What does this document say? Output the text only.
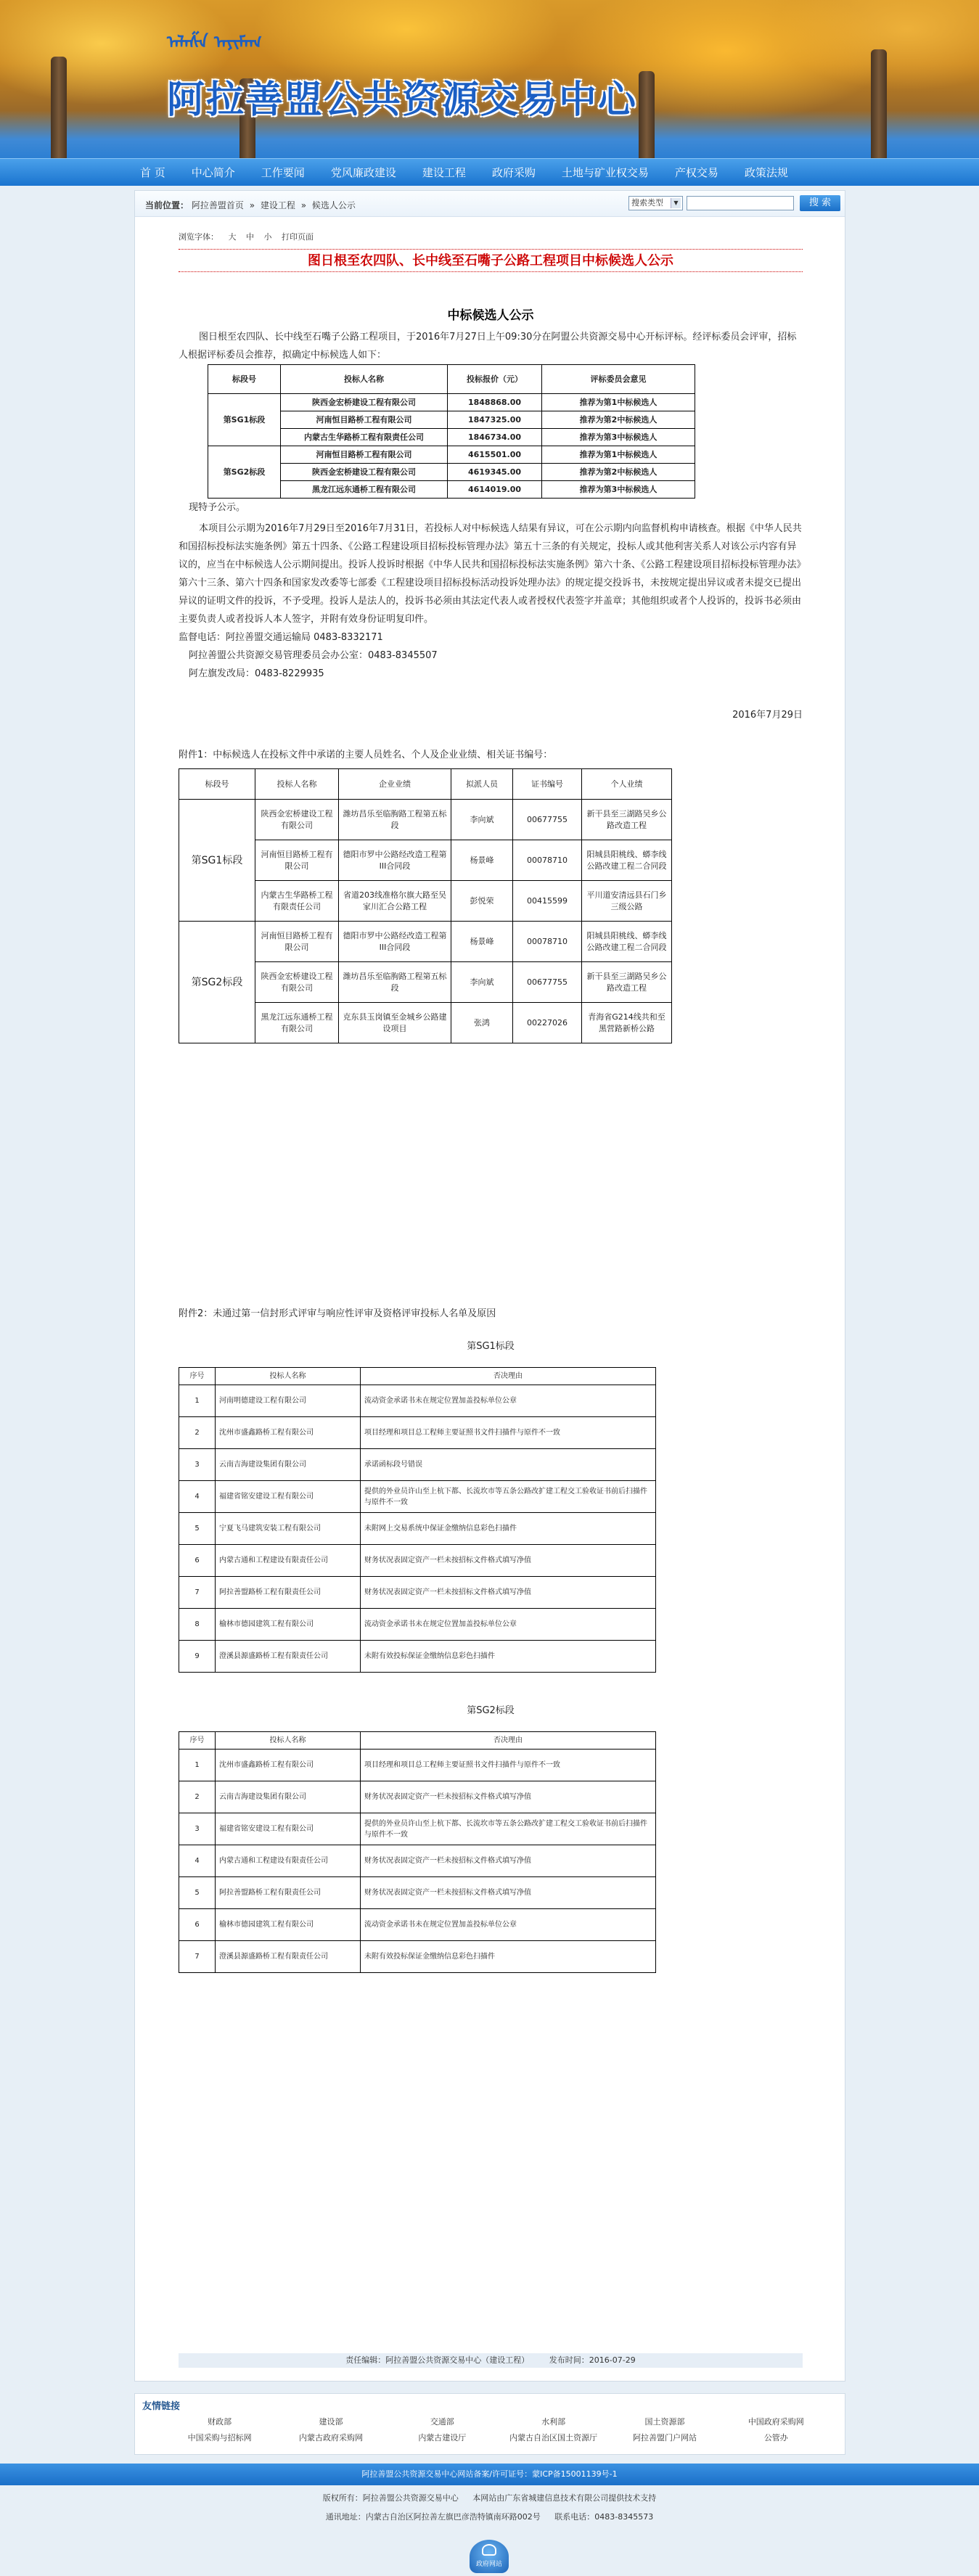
ᠠᠯᠠᠱᠠ ᠠᠶᠢᠮᠠᠭ
阿拉善盟公共资源交易中心
首 页	中心简介	工作要闻	党风廉政建设	建设工程	政府采购	土地与矿业权交易	产权交易	政策法规
当前位置： 阿拉善盟首页 » 建设工程 » 候选人公示	搜索类型	▼	搜 索
浏览字体： 大 中 小 打印页面
图日根至农四队、长中线至石嘴子公路工程项目中标候选人公示
中标候选人公示

图日根至农四队、长中线至石嘴子公路工程项目，于2016年7月27日上午09:30分在阿盟公共资源交易中心开标评标。经评标委员会评审，招标人根据评标委员会推荐，拟确定中标候选人如下：

标段号	投标人名称	投标报价（元）	评标委员会意见
第SG1标段	陕西金宏桥建设工程有限公司	1848868.00	推荐为第1中标候选人
	河南恒目路桥工程有限公司	1847325.00	推荐为第2中标候选人
	内蒙古生华路桥工程有限责任公司	1846734.00	推荐为第3中标候选人
第SG2标段	河南恒目路桥工程有限公司	4615501.00	推荐为第1中标候选人
	陕西金宏桥建设工程有限公司	4619345.00	推荐为第2中标候选人
	黑龙江远东通桥工程有限公司	4614019.00	推荐为第3中标候选人

现特予公示。

本项目公示期为2016年7月29日至2016年7月31日，若投标人对中标候选人结果有异议，可在公示期内向监督机构申请核查。根据《中华人民共和国招标投标法实施条例》第五十四条、《公路工程建设项目招标投标管理办法》第五十三条的有关规定，投标人或其他利害关系人对该公示内容有异议的，应当在中标候选人公示期间提出。投诉人投诉时根据《中华人民共和国招标投标法实施条例》第六十条、《公路工程建设项目招标投标管理办法》第六十三条、第六十四条和国家发改委等七部委《工程建设项目招标投标活动投诉处理办法》的规定提交投诉书，未按规定提出异议或者未提交已提出异议的证明文件的投诉，不予受理。投诉人是法人的，投诉书必须由其法定代表人或者授权代表签字并盖章；其他组织或者个人投诉的，投诉书必须由主要负责人或者投诉人本人签字，并附有效身份证明复印件。

监督电话：阿拉善盟交通运输局 0483-8332171

阿拉善盟公共资源交易管理委员会办公室：0483-8345507

阿左旗发改局：0483-8229935

2016年7月29日

附件1：中标候选人在投标文件中承诺的主要人员姓名、个人及企业业绩、相关证书编号：

标段号	投标人名称	企业业绩	拟派人员	证书编号	个人业绩
第SG1标段	陕西金宏桥建设工程有限公司	潍坊昌乐至临朐路工程第五标段	李向斌	00677755	新干县至三湖路吴乡公路改造工程
	河南恒目路桥工程有限公司	德阳市罗中公路经改造工程第III合同段	杨景峰	00078710	阳城县阳桃线、蟒李线公路改建工程二合同段
	内蒙古生华路桥工程有限责任公司	省道203线准格尔旗大路至吴家川汇合公路工程	彭悦荣	00415599	平川道安清远县石门乡三级公路
第SG2标段	河南恒目路桥工程有限公司	德阳市罗中公路经改造工程第III合同段	杨景峰	00078710	阳城县阳桃线、蟒李线公路改建工程二合同段
	陕西金宏桥建设工程有限公司	潍坊昌乐至临朐路工程第五标段	李向斌	00677755	新干县至三湖路吴乡公路改造工程
	黑龙江远东通桥工程有限公司	克东县玉岗镇至金城乡公路建设项目	张鸿	00227026	青海省G214线共和至黑营路新桥公路

附件2：未通过第一信封形式评审与响应性评审及资格评审投标人名单及原因

第SG1标段

序号	投标人名称	否决理由
1	河南明德建设工程有限公司	流动资金承诺书未在规定位置加盖投标单位公章
2	沈州市盛鑫路桥工程有限公司	项目经理和项目总工程师主要证照书文件扫描件与原件不一致
3	云南吉海建设集团有限公司	承诺函标段号错误
4	福建省铭安建设工程有限公司	提供的外业员许山至上杭下都、长流坎市等五条公路改扩建工程交工验收证书前后扫描件与原件不一致
5	宁夏飞马建筑安装工程有限公司	未附网上交易系统中保证金缴纳信息彩色扫描件
6	内蒙古通和工程建设有限责任公司	财务状况表固定资产一栏未按招标文件格式填写净值
7	阿拉善盟路桥工程有限责任公司	财务状况表固定资产一栏未按招标文件格式填写净值
8	榆林市德园建筑工程有限公司	流动资金承诺书未在规定位置加盖投标单位公章
9	澄溪县源盛路桥工程有限责任公司	未附有效投标保证金缴纳信息彩色扫描件

第SG2标段

序号	投标人名称	否决理由
1	沈州市盛鑫路桥工程有限公司	项目经理和项目总工程师主要证照书文件扫描件与原件不一致
2	云南吉海建设集团有限公司	财务状况表固定资产一栏未按招标文件格式填写净值
3	福建省铭安建设工程有限公司	提供的外业员许山至上杭下都、长流坎市等五条公路改扩建工程交工验收证书前后扫描件与原件不一致
4	内蒙古通和工程建设有限责任公司	财务状况表固定资产一栏未按招标文件格式填写净值
5	阿拉善盟路桥工程有限责任公司	财务状况表固定资产一栏未按招标文件格式填写净值
6	榆林市德园建筑工程有限公司	流动资金承诺书未在规定位置加盖投标单位公章
7	澄溪县源盛路桥工程有限责任公司	未附有效投标保证金缴纳信息彩色扫描件
责任编辑：阿拉善盟公共资源交易中心（建设工程）	发布时间：2016-07-29
友情链接
财政部	建设部	交通部	水利部	国土资源部	中国政府采购网
中国采购与招标网	内蒙古政府采购网	内蒙古建设厅	内蒙古自治区国土资源厅	阿拉善盟门户网站	公管办
阿拉善盟公共资源交易中心网站备案/许可证号：蒙ICP备15001139号-1
版权所有：阿拉善盟公共资源交易中心 本网站由广东省城建信息技术有限公司提供技术支持
通讯地址：内蒙古自治区阿拉善左旗巴彦浩特镇南环路002号 联系电话：0483-8345573
政府网站
